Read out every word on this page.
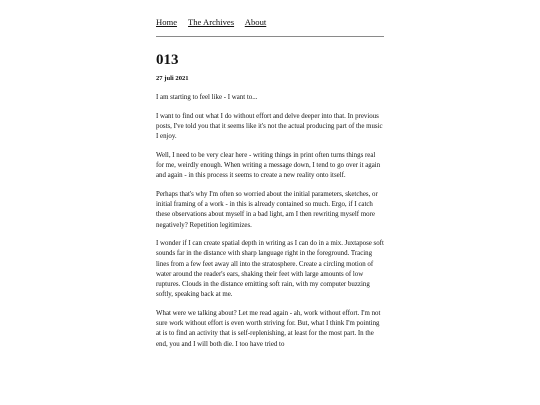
Home The Archives About
013
27 juli 2021

I am starting to feel like - I want to...

I want to find out what I do without effort and delve deeper into that. In previous posts, I've told you that it seems like it's not the actual producing part of the music I enjoy.

Well, I need to be very clear here - writing things in print often turns things real for me, weirdly enough. When writing a message down, I tend to go over it again and again - in this process it seems to create a new reality onto itself.

Perhaps that's why I'm often so worried about the initial parameters, sketches, or initial framing of a work - in this is already contained so much. Ergo, if I catch these observations about myself in a bad light, am I then rewriting myself more negatively? Repetition legitimizes.

I wonder if I can create spatial depth in writing as I can do in a mix. Juxtapose soft sounds far in the distance with sharp language right in the foreground. Tracing lines from a few feet away all into the stratosphere. Create a circling motion of water around the reader's ears, shaking their feet with large amounts of low ruptures. Clouds in the distance emitting soft rain, with my computer buzzing softly, speaking back at me.

What were we talking about? Let me read again - ah, work without effort. I'm not sure work without effort is even worth striving for. But, what I think I'm pointing at is to find an activity that is self-replenishing, at least for the most part. In the end, you and I will both die. I too have tried to
